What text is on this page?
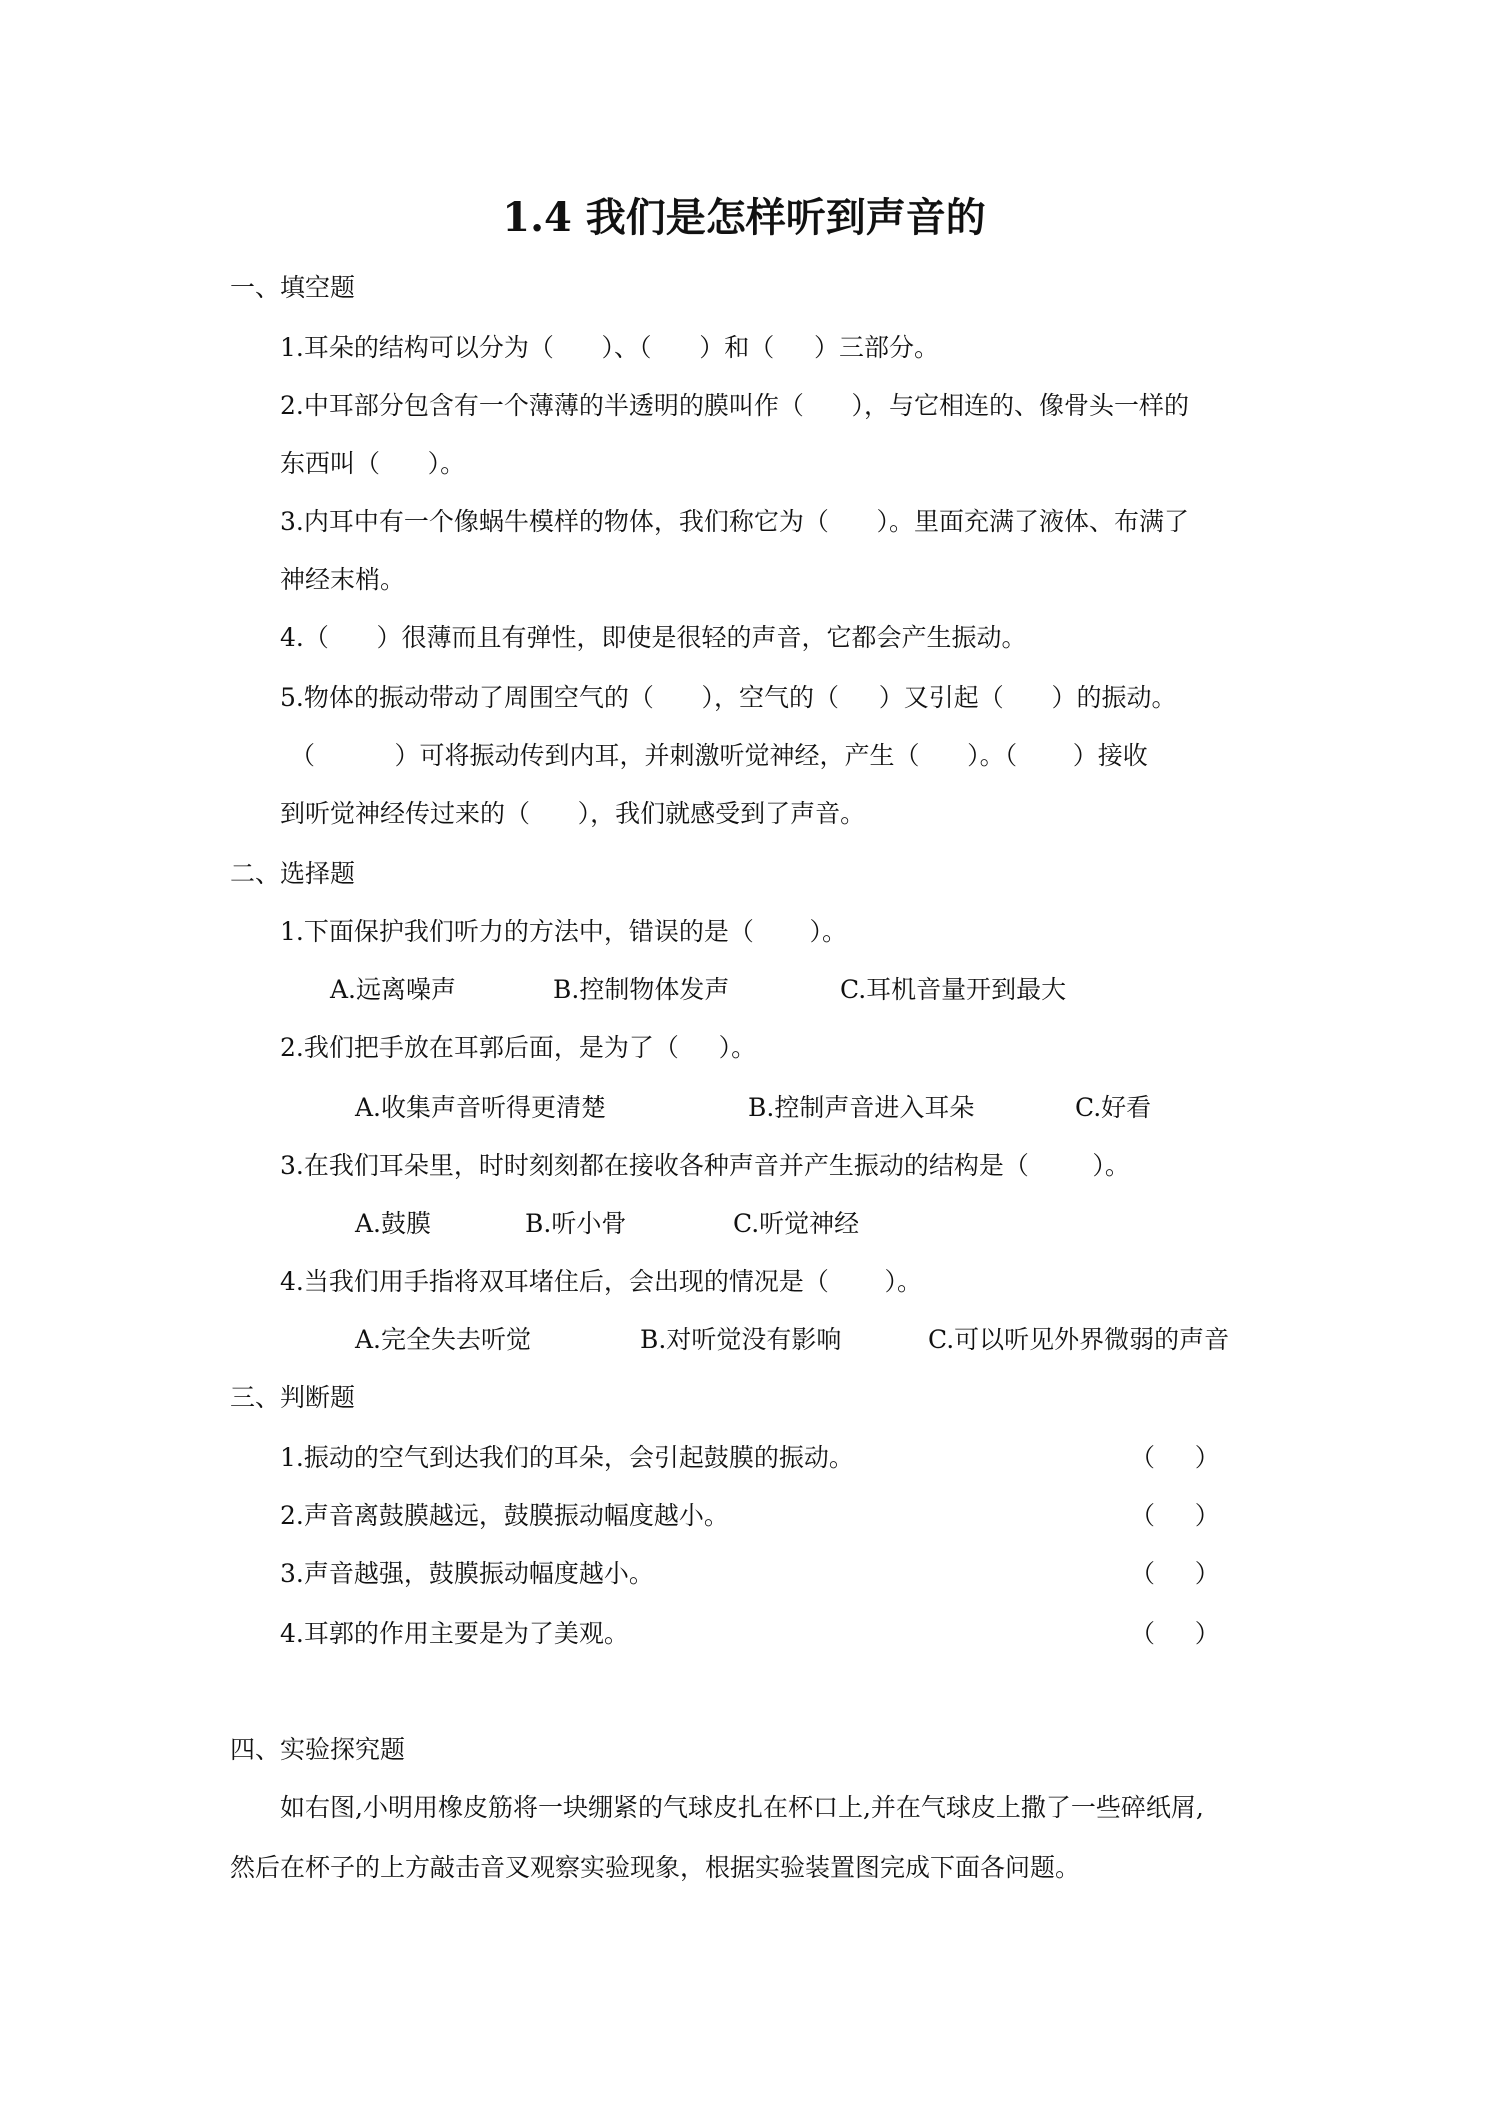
1.4 我们是怎样听到声音的
一、填空题
1.耳朵的结构可以分为（      ）、（      ）和（     ）三部分。
2.中耳部分包含有一个薄薄的半透明的膜叫作（      ），与它相连的、像骨头一样的
东西叫（      ）。
3.内耳中有一个像蜗牛模样的物体，我们称它为（      ）。里面充满了液体、布满了
神经末梢。
4.（      ）很薄而且有弹性，即使是很轻的声音，它都会产生振动。
5.物体的振动带动了周围空气的（      ），空气的（     ）又引起（      ）的振动。
（          ）可将振动传到内耳，并刺激听觉神经，产生（      ）。（       ）接收
到听觉神经传过来的（      ），我们就感受到了声音。
二、选择题
1.下面保护我们听力的方法中，错误的是（       ）。
A.远离噪声	B.控制物体发声	C.耳机音量开到最大
2.我们把手放在耳郭后面，是为了（     ）。
A.收集声音听得更清楚	B.控制声音进入耳朵	C.好看
3.在我们耳朵里，时时刻刻都在接收各种声音并产生振动的结构是（        ）。
A.鼓膜	B.听小骨	C.听觉神经
4.当我们用手指将双耳堵住后，会出现的情况是（       ）。
A.完全失去听觉	B.对听觉没有影响	C.可以听见外界微弱的声音
三、判断题
1.振动的空气到达我们的耳朵，会引起鼓膜的振动。	（     ）
2.声音离鼓膜越远，鼓膜振动幅度越小。	（     ）
3.声音越强，鼓膜振动幅度越小。	（     ）
4.耳郭的作用主要是为了美观。	（     ）
四、实验探究题
如右图,小明用橡皮筋将一块绷紧的气球皮扎在杯口上,并在气球皮上撒了一些碎纸屑,
然后在杯子的上方敲击音叉观察实验现象，根据实验装置图完成下面各问题。
